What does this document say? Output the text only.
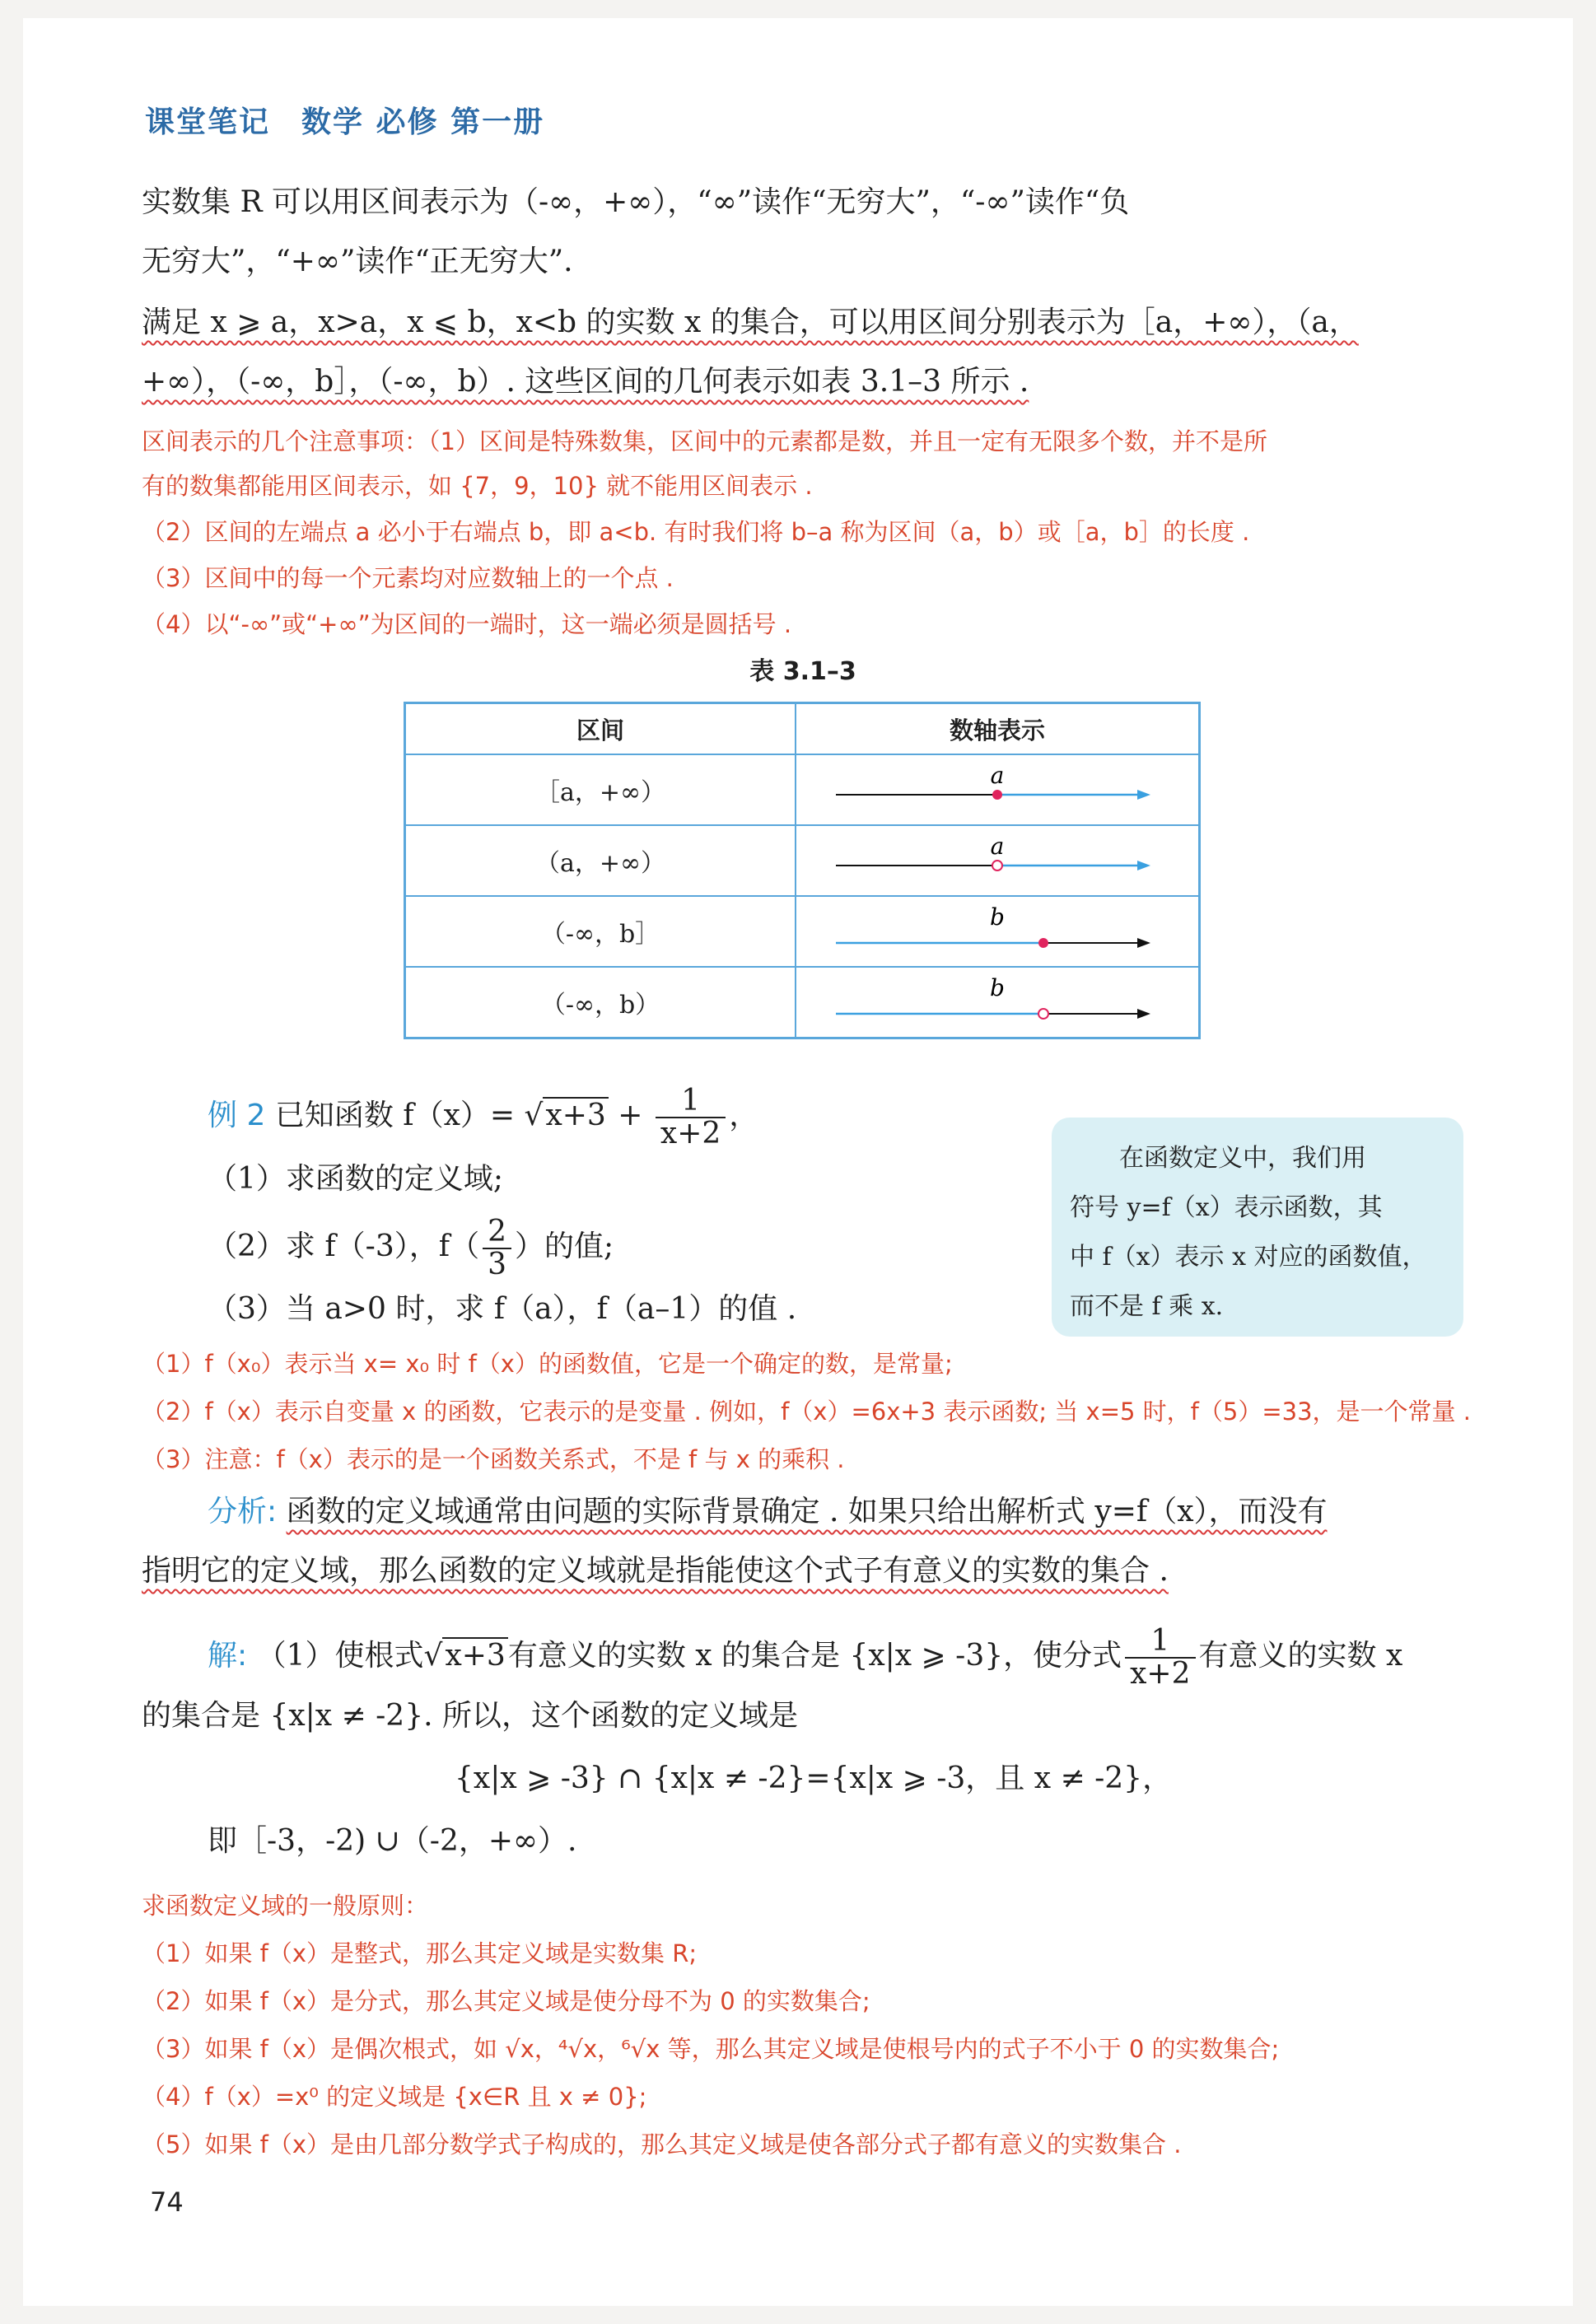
课堂笔记　数学 必修 第一册
实数集 R 可以用区间表示为（-∞，+∞），“∞”读作“无穷大”，“-∞”读作“负
无穷大”，“+∞”读作“正无穷大”.
满足 x ⩾ a，x>a，x ⩽ b，x<b 的实数 x 的集合，可以用区间分别表示为［a，+∞），（a，
+∞），（-∞，b］，（-∞，b）. 这些区间的几何表示如表 3.1–3 所示 .
区间表示的几个注意事项：（1）区间是特殊数集，区间中的元素都是数，并且一定有无限多个数，并不是所
有的数集都能用区间表示，如 {7，9，10} 就不能用区间表示 .
（2）区间的左端点 a 必小于右端点 b，即 a<b. 有时我们将 b–a 称为区间（a，b）或［a，b］的长度 .
（3）区间中的每一个元素均对应数轴上的一个点 .
（4）以“-∞”或“+∞”为区间的一端时，这一端必须是圆括号 .
表 3.1–3
区间	数轴表示
［a，+∞）	a

（a，+∞）	a

（-∞，b］	b

（-∞，b）	b
例 2 已知函数 $f(x)= √x+3 + \frac{1}{x+2}$ ，
（1）求函数的定义域;
（2）求 f（-3），$f( \frac{2}{3}$ ）的值;
（3）当 a>0 时，求 f（a），f（a–1）的值 .
在函数定义中，我们用
符号 y=f（x）表示函数，其
中 f（x）表示 x 对应的函数值，
而不是 f 乘 x.
（1）f（x₀）表示当 x= x₀ 时 f（x）的函数值，它是一个确定的数，是常量;
（2）f（x）表示自变量 x 的函数，它表示的是变量 . 例如，f（x）=6x+3 表示函数; 当 x=5 时，f（5）=33，是一个常量 .
（3）注意：f（x）表示的是一个函数关系式，不是 f 与 x 的乘积 .
分析: 函数的定义域通常由问题的实际背景确定 . 如果只给出解析式 y=f（x），而没有
指明它的定义域，那么函数的定义域就是指能使这个式子有意义的实数的集合 .
解: （1）使根式√x+3有意义的实数 x 的集合是 {x|x ⩾ -3}，使分式 $\frac{1}{x+2}$ 有意义的实数 x
的集合是 {x|x ≠ -2}. 所以，这个函数的定义域是
{x|x ⩾ -3} ∩ {x|x ≠ -2}={x|x ⩾ -3，且 x ≠ -2}，
即［-3，-2) ∪（-2，+∞）.
求函数定义域的一般原则：
（1）如果 f（x）是整式，那么其定义域是实数集 R;
（2）如果 f（x）是分式，那么其定义域是使分母不为 0 的实数集合;
（3）如果 f（x）是偶次根式，如 √x，⁴√x，⁶√x 等，那么其定义域是使根号内的式子不小于 0 的实数集合;
（4）f（x）=x⁰ 的定义域是 {x∈R 且 x ≠ 0};
（5）如果 f（x）是由几部分数学式子构成的，那么其定义域是使各部分式子都有意义的实数集合 .
74
